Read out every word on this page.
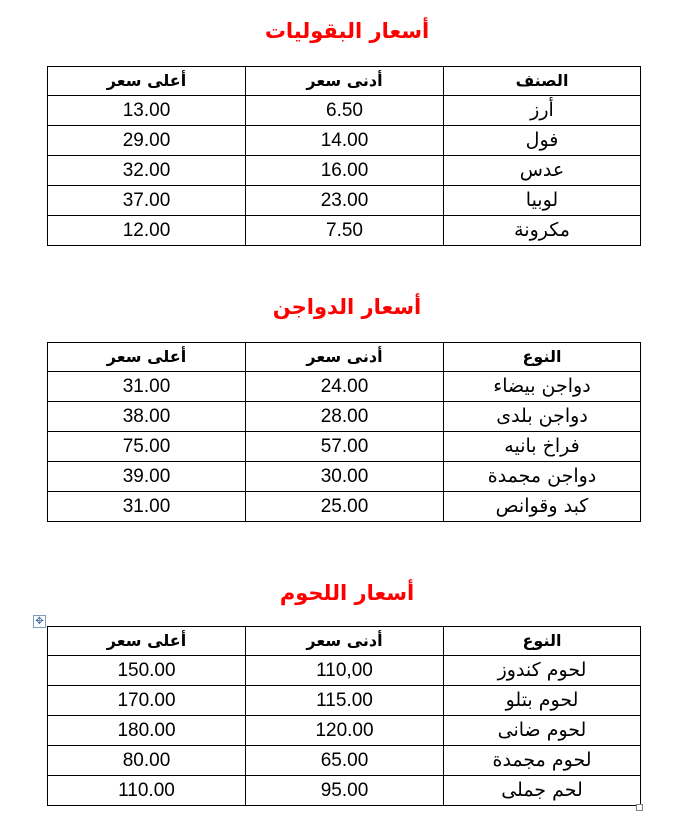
أسعار البقوليات
الصنف	أدنى سعر	أعلى سعر
أرز	6.50	13.00
فول	14.00	29.00
عدس	16.00	32.00
لوبيا	23.00	37.00
مكرونة	7.50	12.00
أسعار الدواجن
النوع	أدنى سعر	أعلى سعر
دواجن بيضاء	24.00	31.00
دواجن بلدى	28.00	38.00
فراخ بانيه	57.00	75.00
دواجن مجمدة	30.00	39.00
كبد وقوانص	25.00	31.00
أسعار اللحوم
✥
النوع	أدنى سعر	أعلى سعر
لحوم كندوز	110,00	150.00
لحوم بتلو	115.00	170.00
لحوم ضانى	120.00	180.00
لحوم مجمدة	65.00	80.00
لحم جملى	95.00	110.00
